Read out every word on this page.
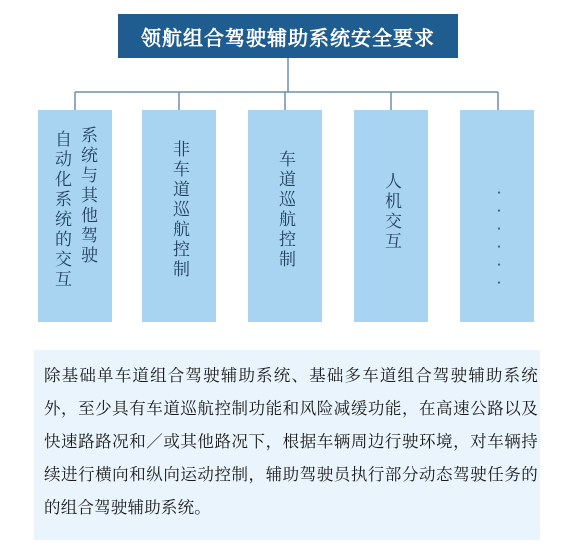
领航组合驾驶辅助系统安全要求
系统与其他驾驶
自动化系统的交互	非车道巡航控制	车道巡航控制	人机交互	······
除基础单车道组合驾驶辅助系统、基础多车道组合驾驶辅助系统外，至少具有车道巡航控制功能和风险减缓功能，在高速公路以及快速路路况和／或其他路况下，根据车辆周边行驶环境，对车辆持续进行横向和纵向运动控制，辅助驾驶员执行部分动态驾驶任务的的组合驾驶辅助系统。
